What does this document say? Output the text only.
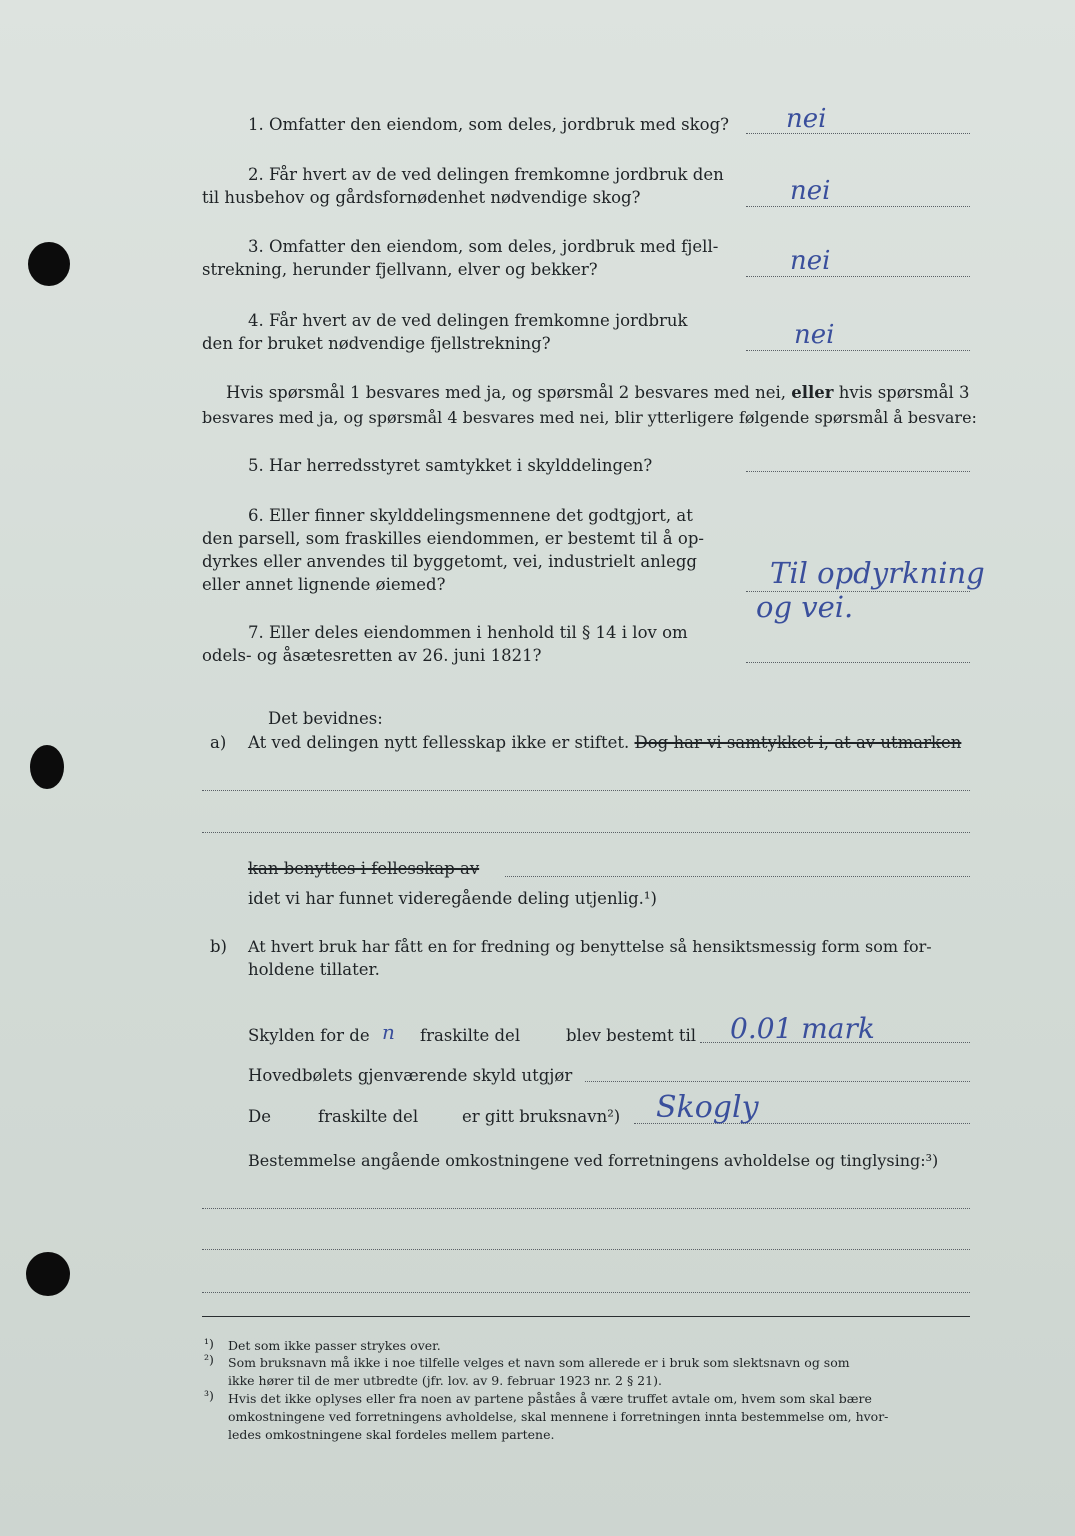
1. Omfatter den eiendom, som deles, jordbruk med skog? nei
2. Får hvert av de ved delingen fremkomne jordbruk den
til husbehov og gårdsfornødenhet nødvendige skog?	nei
3. Omfatter den eiendom, som deles, jordbruk med fjell-
strekning, herunder fjellvann, elver og bekker?	nei
4. Får hvert av de ved delingen fremkomne jordbruk
den for bruket nødvendige fjellstrekning?	nei
Hvis spørsmål 1 besvares med ja, og spørsmål 2 besvares med nei, eller hvis spørsmål 3
besvares med ja, og spørsmål 4 besvares med nei, blir ytterligere følgende spørsmål å besvare:
5. Har herredsstyret samtykket i skylddelingen?
6. Eller finner skylddelingsmennene det godtgjort, at
den parsell, som fraskilles eiendommen, er bestemt til å op-
dyrkes eller anvendes til byggetomt, vei, industrielt anlegg
eller annet lignende øiemed?	Til opdyrkning
og vei.
7. Eller deles eiendommen i henhold til § 14 i lov om
odels- og åsætesretten av 26. juni 1821?
Det bevidnes:
a) At ved delingen nytt fellesskap ikke er stiftet. Dog har vi samtykket i, at av utmarken
kan benyttes i fellesskap av
idet vi har funnet videregående deling utjenlig.¹)
b) At hvert bruk har fått en for fredning og benyttelse så hensiktsmessig form som for-
holdene tillater.
Skylden for de n fraskilte del	blev bestemt til 0.01 mark
Hovedbølets gjenværende skyld utgjør
De	fraskilte del	er gitt bruksnavn²) Skogly
Bestemmelse angående omkostningene ved forretningens avholdelse og tinglysing:³)
¹) Det som ikke passer strykes over.
²) Som bruksnavn må ikke i noe tilfelle velges et navn som allerede er i bruk som slektsnavn og som
ikke hører til de mer utbredte (jfr. lov. av 9. februar 1923 nr. 2 § 21).
³) Hvis det ikke oplyses eller fra noen av partene påståes å være truffet avtale om, hvem som skal bære
omkostningene ved forretningens avholdelse, skal mennene i forretningen innta bestemmelse om, hvor-
ledes omkostningene skal fordeles mellem partene.
